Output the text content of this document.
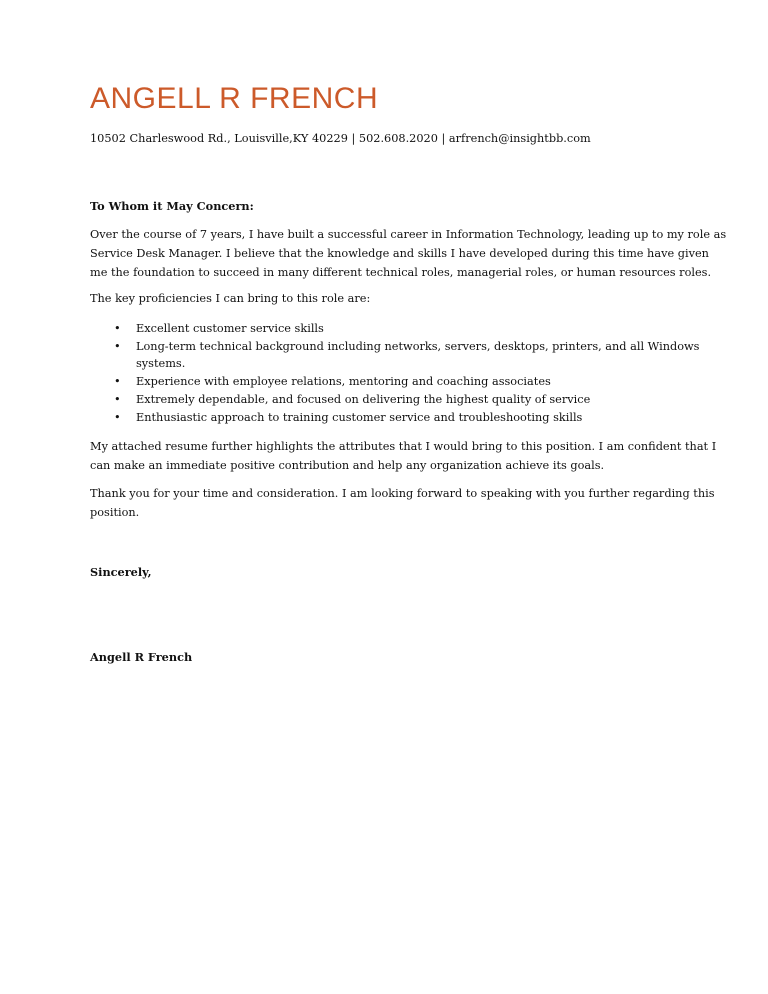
ANGELL R FRENCH
10502 Charleswood Rd., Louisville,KY 40229 | 502.608.2020 | arfrench@insightbb.com
To Whom it May Concern:
Over the course of 7 years, I have built a successful career in Information Technology, leading up to my role as
Service Desk Manager. I believe that the knowledge and skills I have developed during this time have given
me the foundation to succeed in many different technical roles, managerial roles, or human resources roles.
The key proficiencies I can bring to this role are:
• Excellent customer service skills
• Long-term technical background including networks, servers, desktops, printers, and all Windows
systems.
• Experience with employee relations, mentoring and coaching associates
• Extremely dependable, and focused on delivering the highest quality of service
• Enthusiastic approach to training customer service and troubleshooting skills
My attached resume further highlights the attributes that I would bring to this position. I am confident that I
can make an immediate positive contribution and help any organization achieve its goals.
Thank you for your time and consideration. I am looking forward to speaking with you further regarding this
position.
Sincerely,
Angell R French
